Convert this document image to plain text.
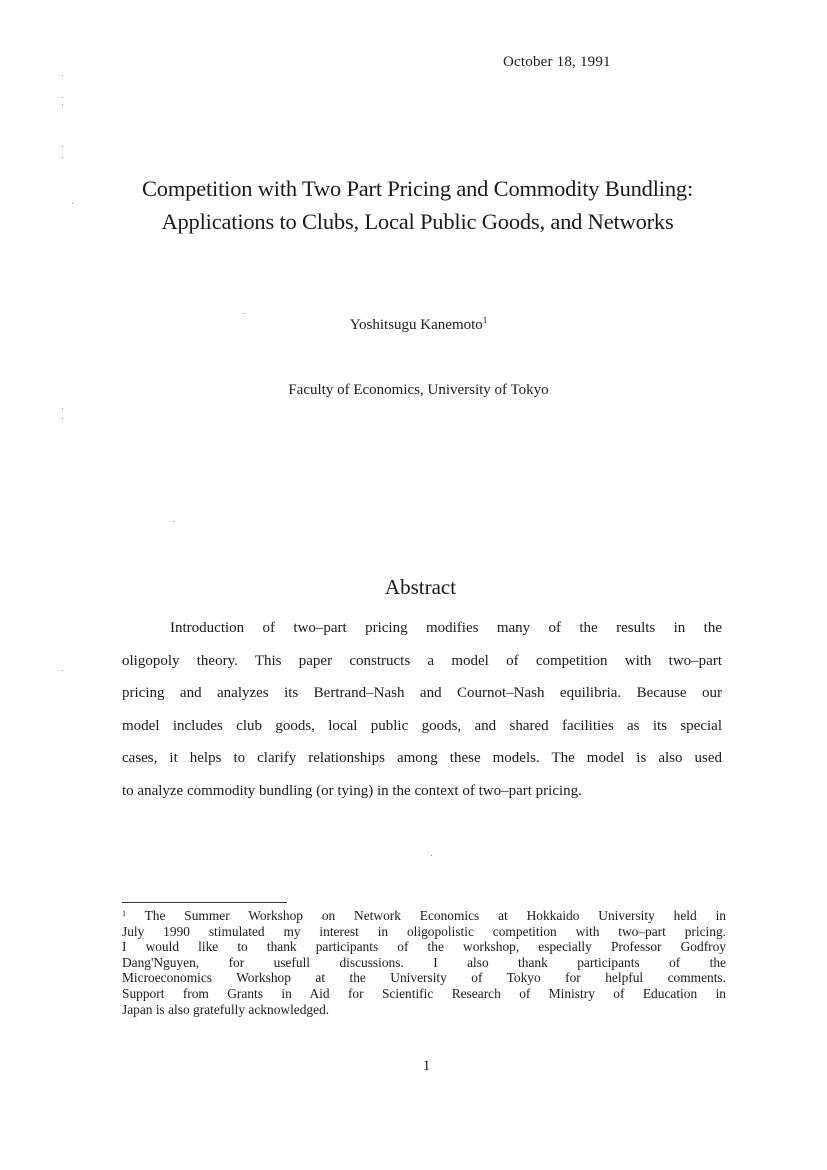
October 18, 1991
Competition with Two Part Pricing and Commodity Bundling:
Applications to Clubs, Local Public Goods, and Networks
Yoshitsugu Kanemoto$^1$
Faculty of Economics, University of Tokyo
Abstract
Introduction of two–part pricing modifies many of the results in the
oligopoly theory. This paper constructs a model of competition with two–part
pricing and analyzes its Bertrand–Nash and Cournot–Nash equilibria. Because our
model includes club goods, local public goods, and shared facilities as its special
cases, it helps to clarify relationships among these models. The model is also used
to analyze commodity bundling (or tying) in the context of two–part pricing.
$^1$ The Summer Workshop on Network Economics at Hokkaido University held in
July 1990 stimulated my interest in oligopolistic competition with two–part pricing.
I would like to thank participants of the workshop, especially Professor Godfroy
Dang'Nguyen, for usefull discussions. I also thank participants of the
Microeconomics Workshop at the University of Tokyo for helpful comments.
Support from Grants in Aid for Scientific Research of Ministry of Education in
Japan is also gratefully acknowledged.
1
